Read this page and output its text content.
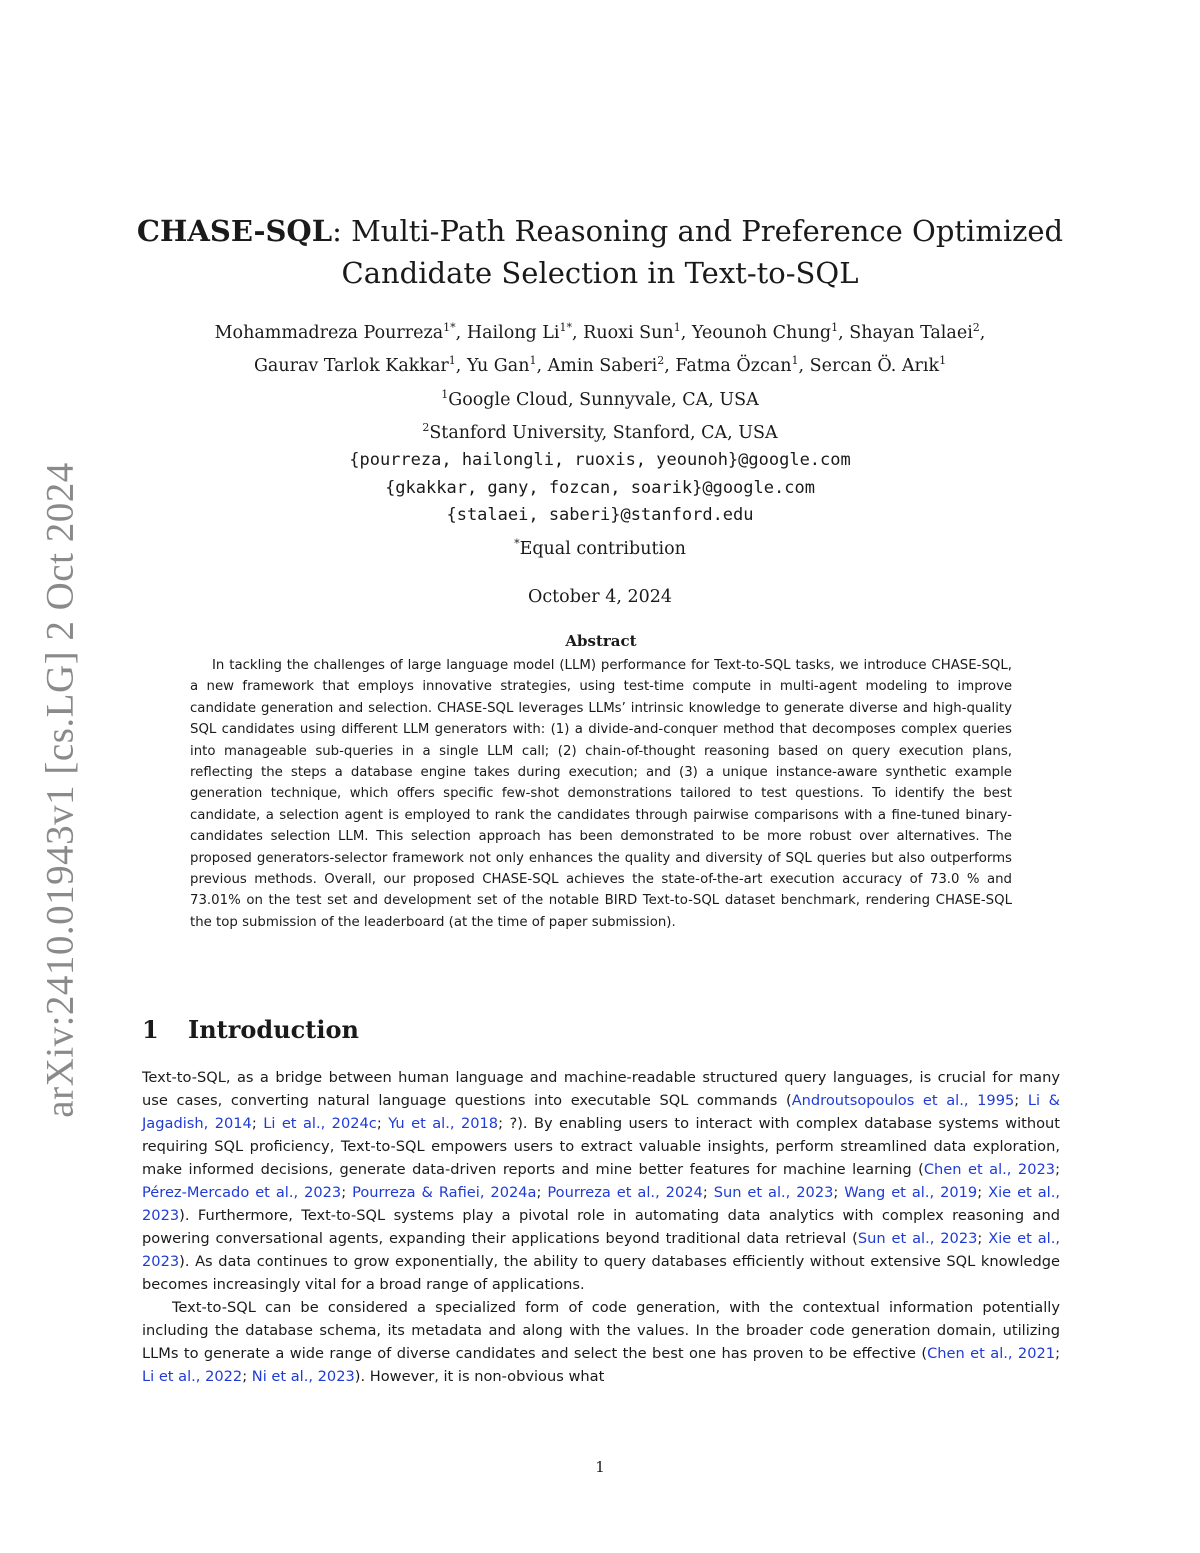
arXiv:2410.01943v1 [cs.LG] 2 Oct 2024
CHASE-SQL: Multi-Path Reasoning and Preference Optimized
Candidate Selection in Text-to-SQL
Mohammadreza Pourreza$^{1*}$, Hailong $Li^{1*}$, Ruoxi Sun$^1$, Yeounoh Chung$^1$, Shayan Talaei$^2$,
Gaurav Tarlok Kakkar$^1$, Yu Gan$^1$, Amin Saberi$^2$, Fatma Özcan$^1$, Sercan Ö. Arık$^1$
$^1$Google Cloud, Sunnyvale, CA, USA
$^2$Stanford University, Stanford, CA, USA
{pourreza, hailongli, ruoxis, yeounoh}@google.com
{gkakkar, gany, fozcan, soarik}@google.com
{stalaei, saberi}@stanford.edu
*Equal contribution
October 4, 2024
Abstract

In tackling the challenges of large language model (LLM) performance for Text-to-SQL tasks, we introduce CHASE-SQL, a new framework that employs innovative strategies, using test-time compute in multi-agent modeling to improve candidate generation and selection. CHASE-SQL leverages LLMs’ intrinsic knowledge to generate diverse and high-quality SQL candidates using different LLM generators with: (1) a divide-and-conquer method that decomposes complex queries into manageable sub-queries in a single LLM call; (2) chain-of-thought reasoning based on query execution plans, reflecting the steps a database engine takes during execution; and (3) a unique instance-aware synthetic example generation technique, which offers specific few-shot demonstrations tailored to test questions. To identify the best candidate, a selection agent is employed to rank the candidates through pairwise comparisons with a fine-tuned binary-candidates selection LLM. This selection approach has been demonstrated to be more robust over alternatives. The proposed generators-selector framework not only enhances the quality and diversity of SQL queries but also outperforms previous methods. Overall, our proposed CHASE-SQL achieves the state-of-the-art execution accuracy of 73.0 % and 73.01% on the test set and development set of the notable BIRD Text-to-SQL dataset benchmark, rendering CHASE-SQL the top submission of the leaderboard (at the time of paper submission).

1 Introduction

Text-to-SQL, as a bridge between human language and machine-readable structured query languages, is crucial for many use cases, converting natural language questions into executable SQL commands (Androutsopoulos et al., 1995; Li & Jagadish, 2014; Li et al., 2024c; Yu et al., 2018; ?). By enabling users to interact with complex database systems without requiring SQL proficiency, Text-to-SQL empowers users to extract valuable insights, perform streamlined data exploration, make informed decisions, generate data-driven reports and mine better features for machine learning (Chen et al., 2023; Pérez-Mercado et al., 2023; Pourreza & Rafiei, 2024a; Pourreza et al., 2024; Sun et al., 2023; Wang et al., 2019; Xie et al., 2023). Furthermore, Text-to-SQL systems play a pivotal role in automating data analytics with complex reasoning and powering conversational agents, expanding their applications beyond traditional data retrieval (Sun et al., 2023; Xie et al., 2023). As data continues to grow exponentially, the ability to query databases efficiently without extensive SQL knowledge becomes increasingly vital for a broad range of applications.

Text-to-SQL can be considered a specialized form of code generation, with the contextual information potentially including the database schema, its metadata and along with the values. In the broader code generation domain, utilizing LLMs to generate a wide range of diverse candidates and select the best one has proven to be effective (Chen et al., 2021; Li et al., 2022; Ni et al., 2023). However, it is non-obvious what

1
